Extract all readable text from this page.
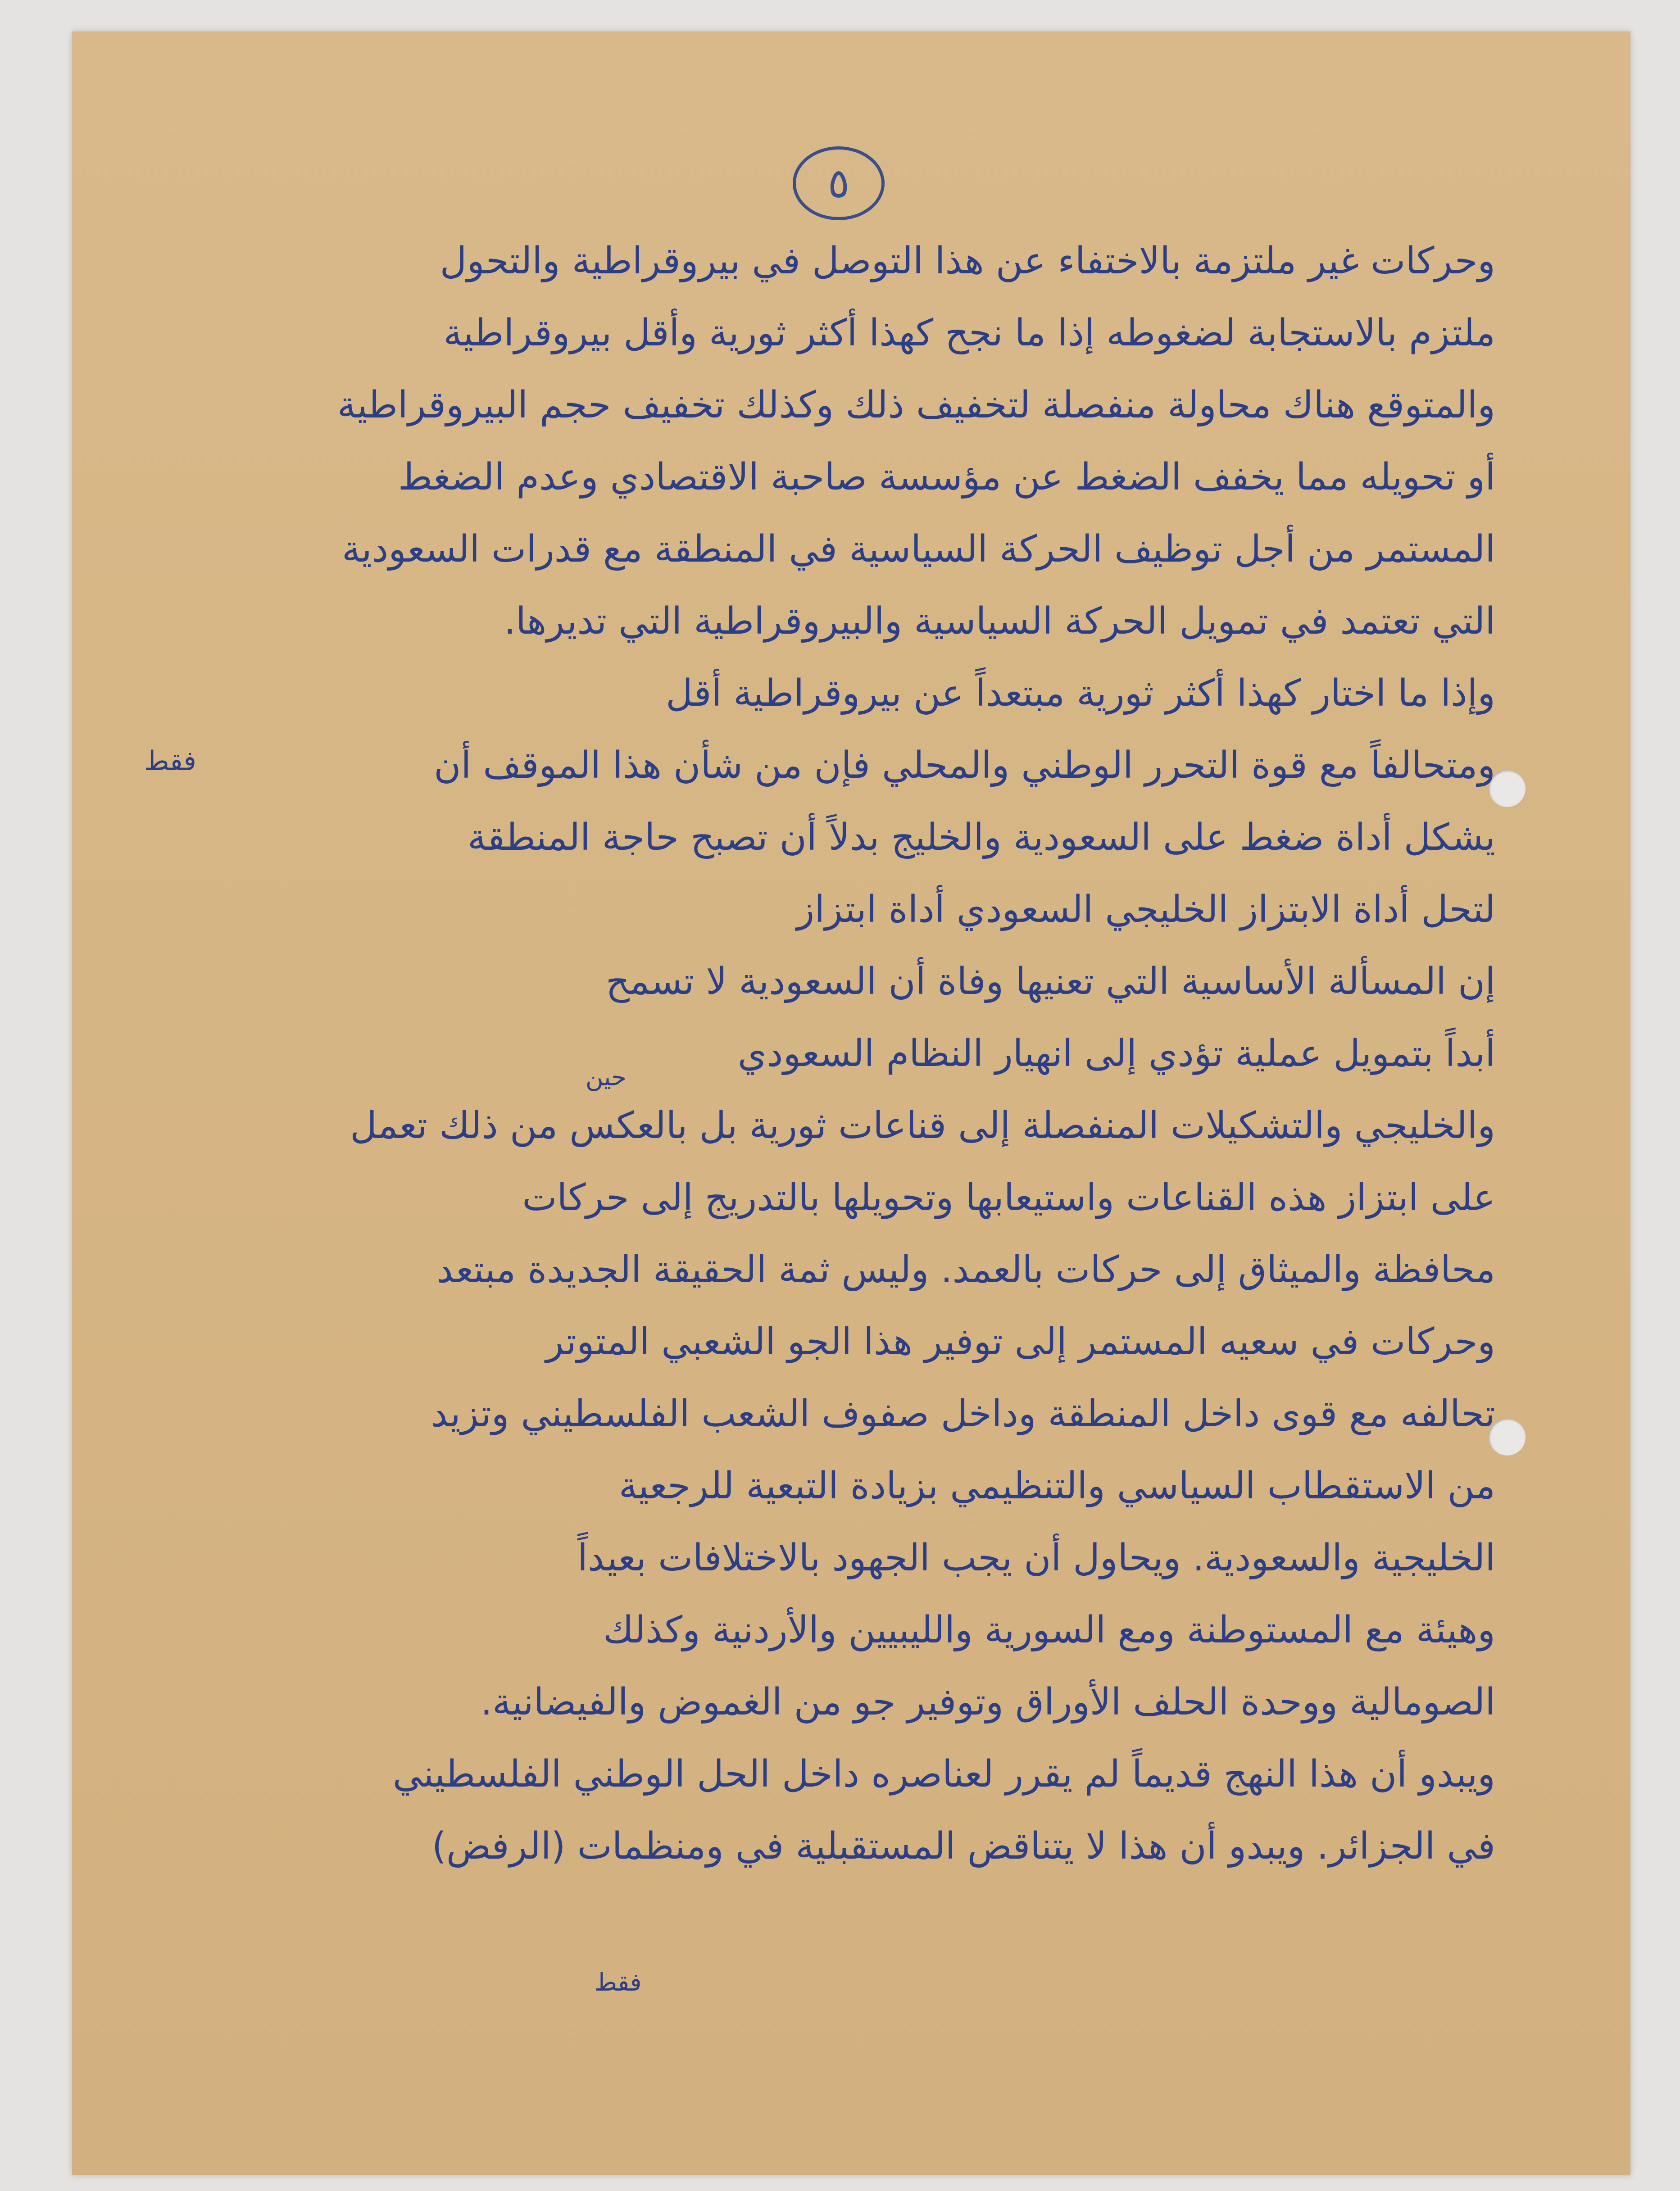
٥
وحركات غير ملتزمة بالاختفاء عن هذا التوصل في بيروقراطية والتحول
ملتزم بالاستجابة لضغوطه إذا ما نجح كهذا أكثر ثورية وأقل بيروقراطية
والمتوقع هناك محاولة منفصلة لتخفيف ذلك وكذلك تخفيف حجم البيروقراطية
أو تحويله مما يخفف الضغط عن مؤسسة صاحبة الاقتصادي وعدم الضغط
المستمر من أجل توظيف الحركة السياسية في المنطقة مع قدرات السعودية
التي تعتمد في تمويل الحركة السياسية والبيروقراطية التي تديرها.
وإذا ما اختار كهذا أكثر ثورية مبتعداً عن بيروقراطية أقل
ومتحالفاً مع قوة التحرر الوطني والمحلي فإن من شأن هذا الموقف أن
يشكل أداة ضغط على السعودية والخليج بدلاً أن تصبح حاجة المنطقة
لتحل أداة الابتزاز الخليجي السعودي أداة ابتزاز
إن المسألة الأساسية التي تعنيها وفاة أن السعودية لا تسمح
أبداً بتمويل عملية تؤدي إلى انهيار النظام السعودي
والخليجي والتشكيلات المنفصلة إلى قناعات ثورية بل بالعكس من ذلك تعمل
على ابتزاز هذه القناعات واستيعابها وتحويلها بالتدريج إلى حركات
محافظة والميثاق إلى حركات بالعمد. وليس ثمة الحقيقة الجديدة مبتعد
وحركات في سعيه المستمر إلى توفير هذا الجو الشعبي المتوتر
تحالفه مع قوى داخل المنطقة وداخل صفوف الشعب الفلسطيني وتزيد
من الاستقطاب السياسي والتنظيمي بزيادة التبعية للرجعية
الخليجية والسعودية. ويحاول أن يجب الجهود بالاختلافات بعيداً
وهيئة مع المستوطنة ومع السورية والليبيين والأردنية وكذلك
الصومالية ووحدة الحلف الأوراق وتوفير جو من الغموض والفيضانية.
ويبدو أن هذا النهج قديماً لم يقرر لعناصره داخل الحل الوطني الفلسطيني
في الجزائر. ويبدو أن هذا لا يتناقض المستقبلية في ومنظمات (الرفض)
فقط
حين
فقط
